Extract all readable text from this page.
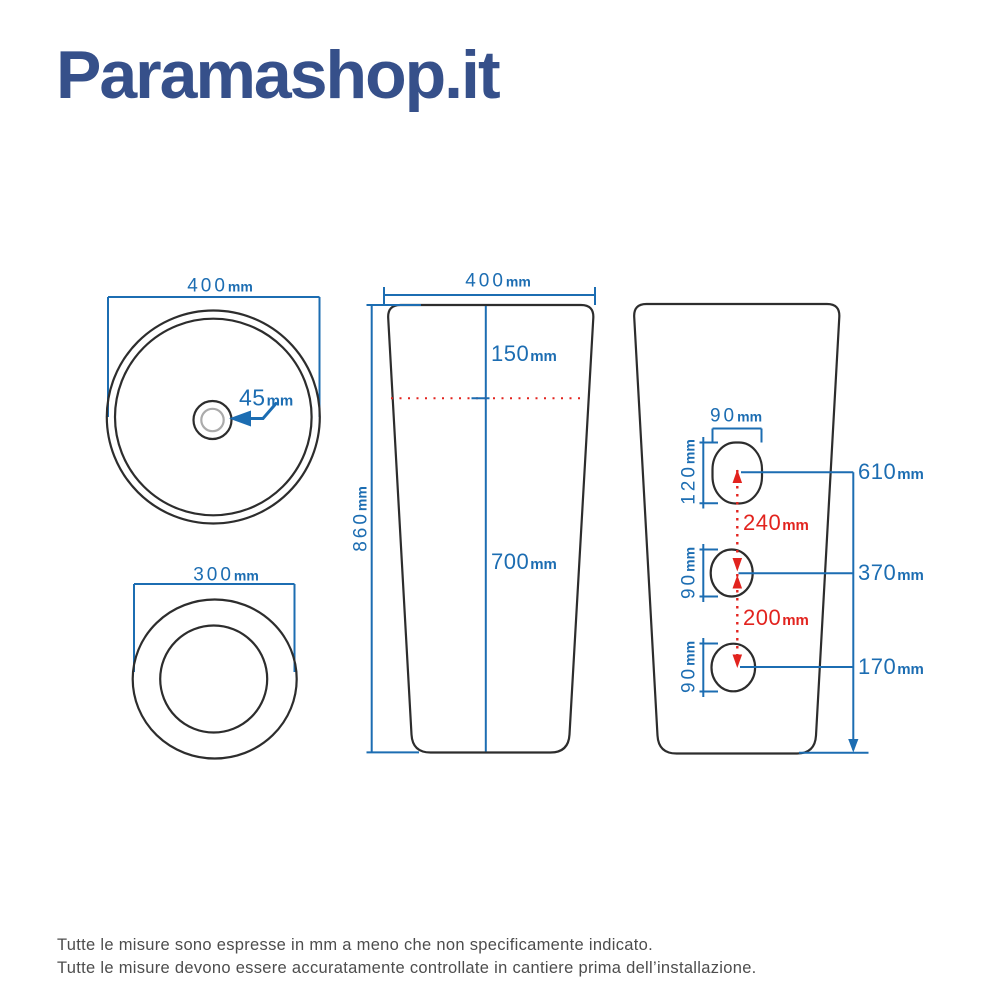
Paramashop.it
400mm
45mm
300mm
400mm
150mm
700mm
860mm
90mm
120mm
90mm
90mm
240mm
200mm
610mm
370mm
170mm
Tutte le misure sono espresse in mm a meno che non specificamente indicato.
Tutte le misure devono essere accuratamente controllate in cantiere prima dell’installazione.
